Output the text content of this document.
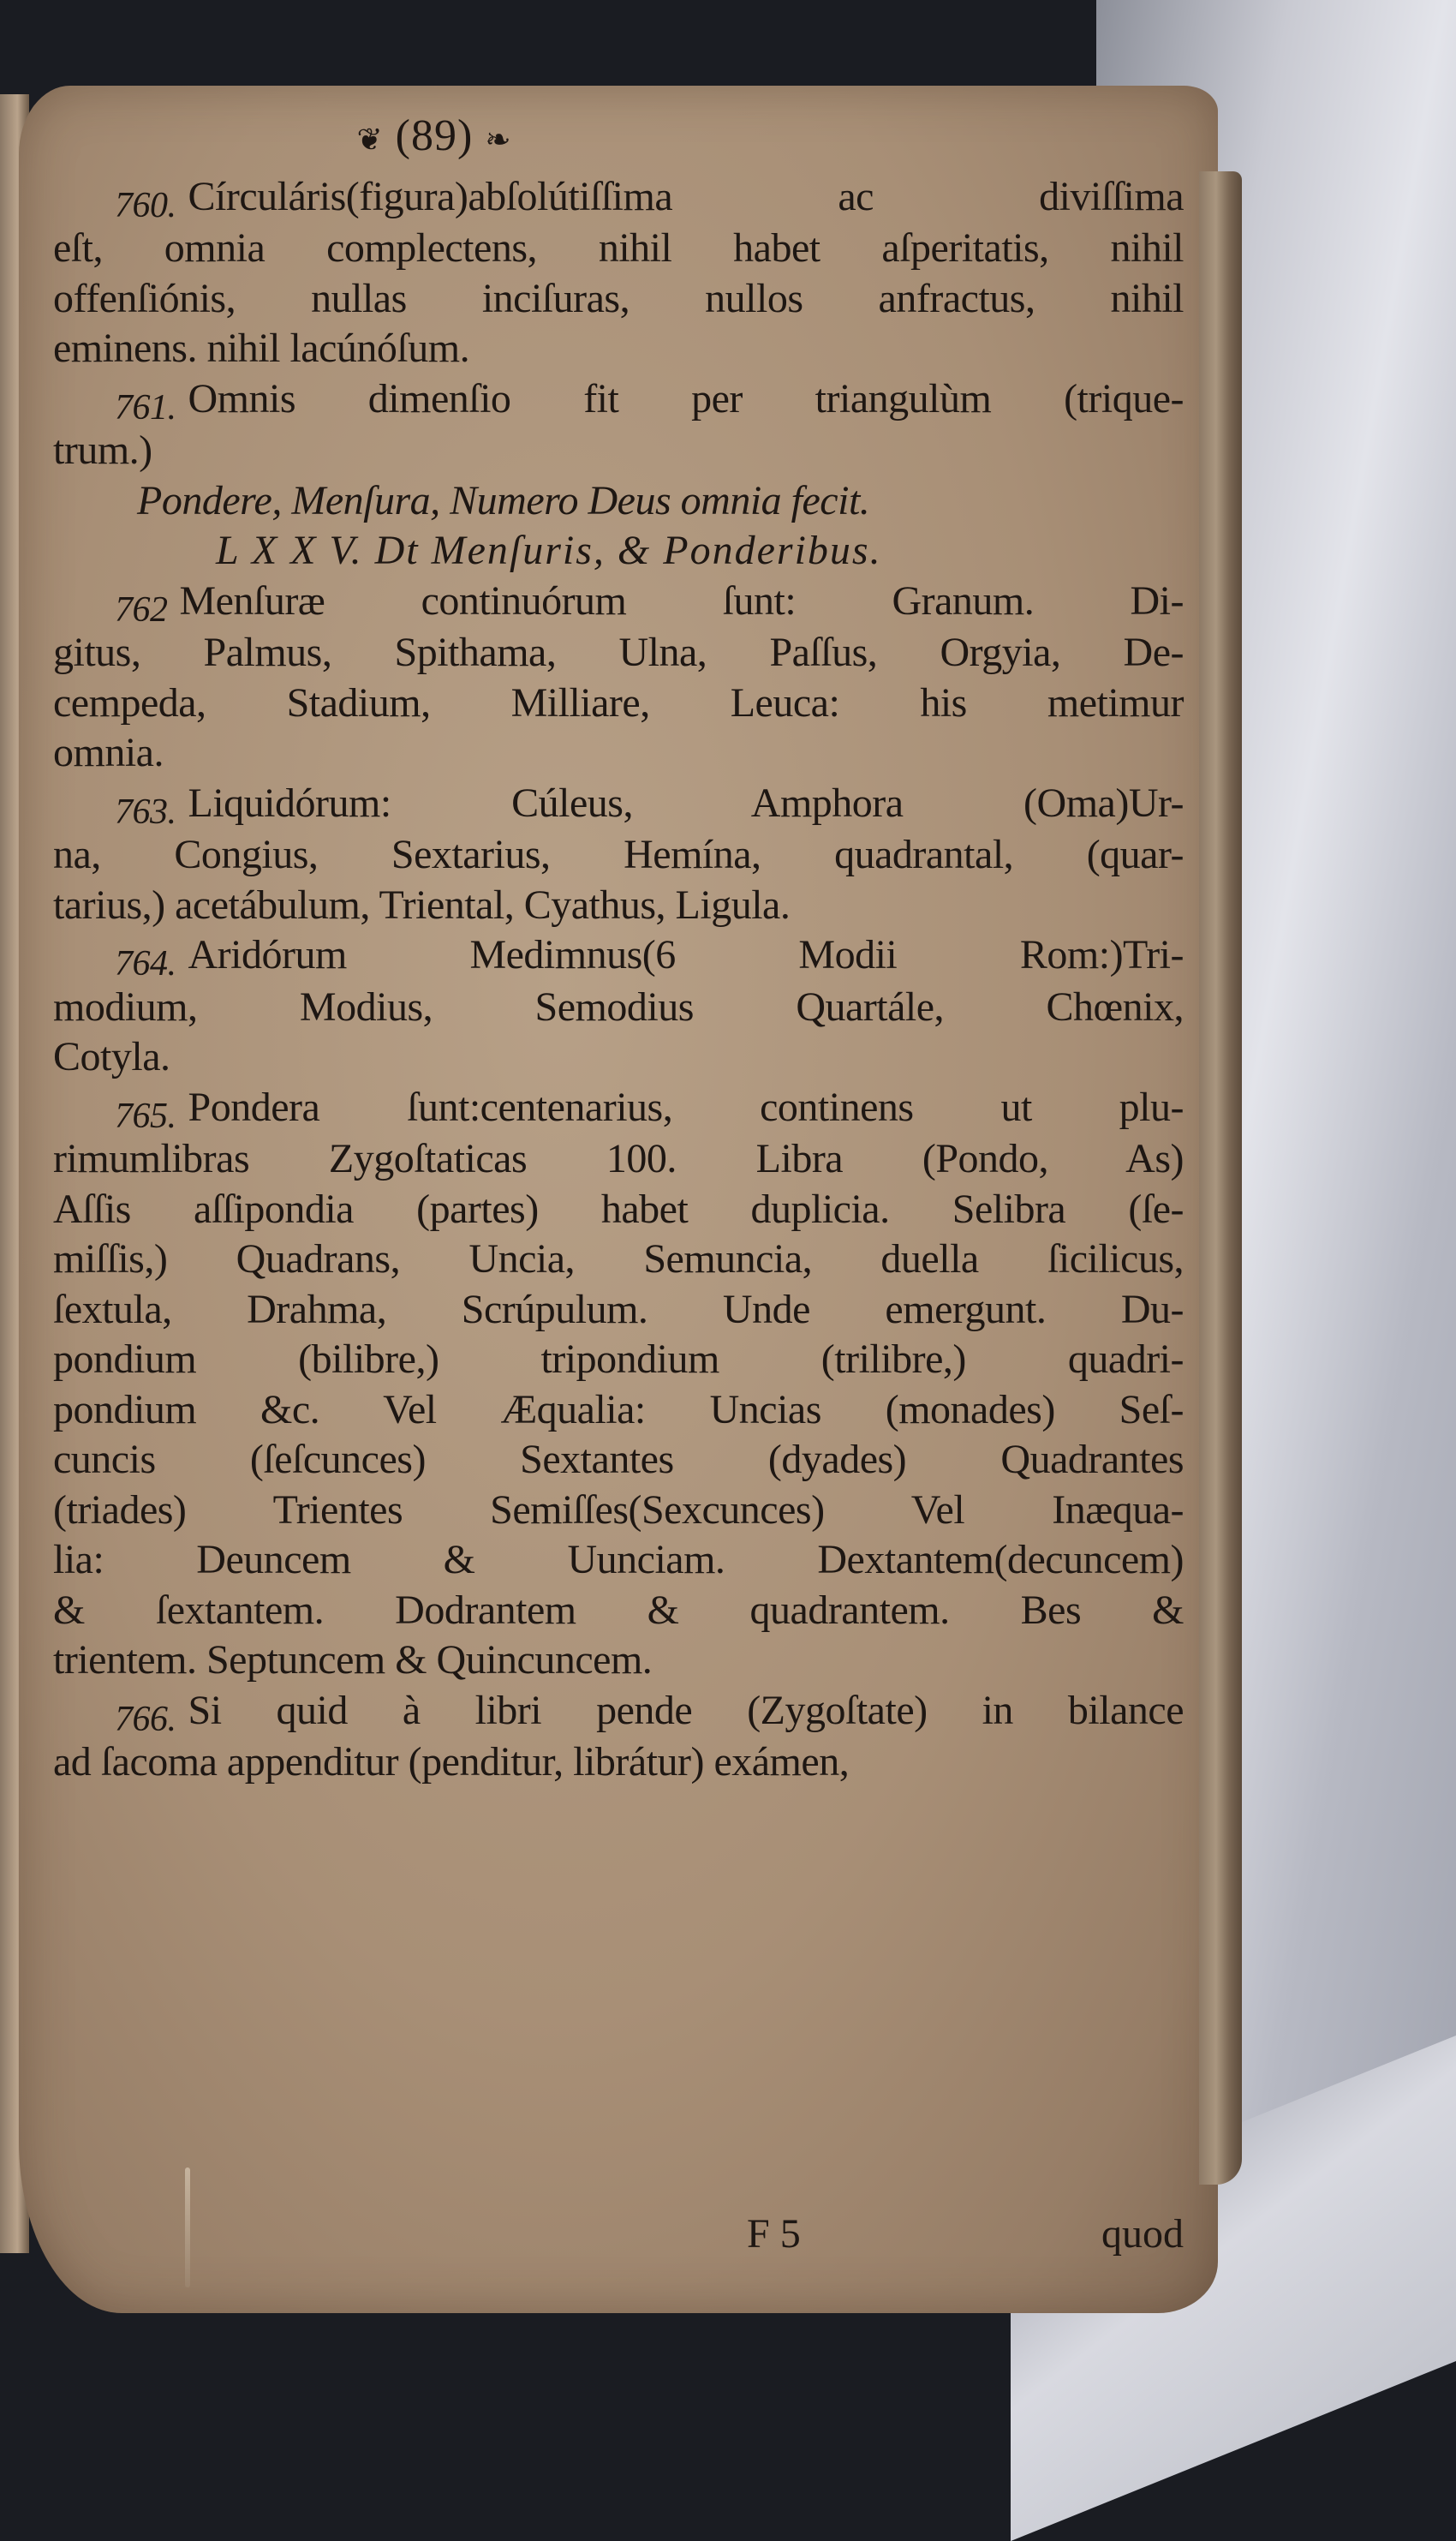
❦ (89) ❧
760. Círculáris(figura)abſolútiſſima ac diviſſima
eſt, omnia complectens, nihil habet aſperitatis, nihil
offenſiónis, nullas inciſuras, nullos anfractus, nihil
eminens. nihil lacúnóſum.
761. Omnis dimenſio fit per triangulùm (trique-
trum.)
Pondere, Menſura, Numero Deus omnia fecit.
L X X V. Dt Menſuris, & Ponderibus.
762 Menſuræ continuórum ſunt: Granum. Di-
gitus, Palmus, Spithama, Ulna, Paſſus, Orgyia, De-
cempeda, Stadium, Milliare, Leuca: his metimur
omnia.
763. Liquidórum: Cúleus, Amphora (Oma)Ur-
na, Congius, Sextarius, Hemína, quadrantal, (quar-
tarius,) acetábulum, Triental, Cyathus, Ligula.
764. Aridórum Medimnus(6 Modii Rom:)Tri-
modium, Modius, Semodius Quartále, Chœnix,
Cotyla.
765. Pondera ſunt:centenarius, continens ut plu-
rimumlibras Zygoſtaticas 100. Libra (Pondo, As)
Aſſis aſſipondia (partes) habet duplicia. Selibra (ſe-
miſſis,) Quadrans, Uncia, Semuncia, duella ſicilicus,
ſextula, Drahma, Scrúpulum. Unde emergunt. Du-
pondium (bilibre,) tripondium (trilibre,) quadri-
pondium &c. Vel Æqualia: Uncias (monades) Seſ-
cuncis (ſeſcunces) Sextantes (dyades) Quadrantes
(triades) Trientes Semiſſes(Sexcunces) Vel Inæqua-
lia: Deuncem & Uunciam. Dextantem(decuncem)
& ſextantem. Dodrantem & quadrantem. Bes &
trientem. Septuncem & Quincuncem.
766. Si quid à libri pende (Zygoſtate) in bilance
ad ſacoma appenditur (penditur, librátur) exámen,
F 5	quod
